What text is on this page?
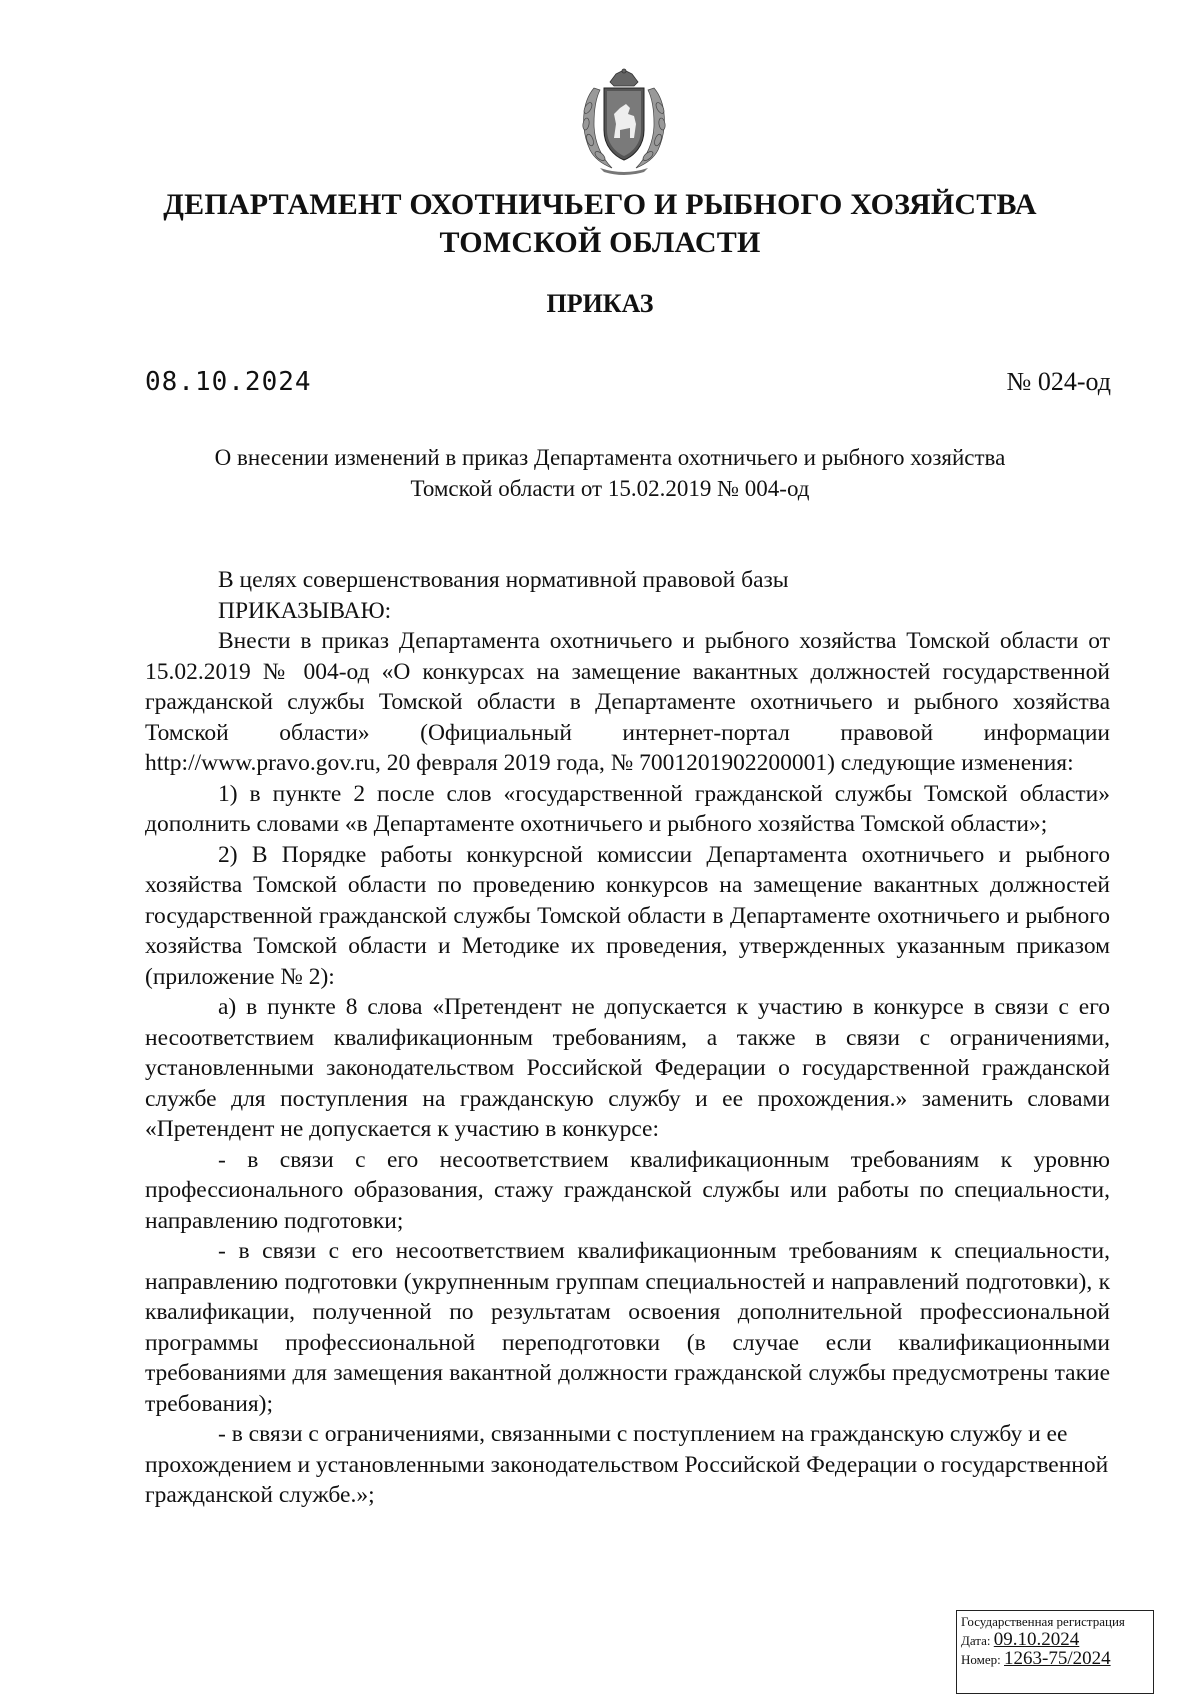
ДЕПАРТАМЕНТ ОХОТНИЧЬЕГО И РЫБНОГО ХОЗЯЙСТВА
ТОМСКОЙ ОБЛАСТИ
ПРИКАЗ
08.10.2024	№ 024-од
О внесении изменений в приказ Департамента охотничьего и рыбного хозяйства
Томской области от 15.02.2019 № 004-од

В целях совершенствования нормативной правовой базы

ПРИКАЗЫВАЮ:

Внести в приказ Департамента охотничьего и рыбного хозяйства Томской области от 15.02.2019 № 004-од «О конкурсах на замещение вакантных должностей государственной гражданской службы Томской области в Департаменте охотничьего и рыбного хозяйства Томской области» (Официальный интернет-портал правовой информации http://www.pravo.gov.ru, 20 февраля 2019 года, № 7001201902200001) следующие изменения:

1) в пункте 2 после слов «государственной гражданской службы Томской области» дополнить словами «в Департаменте охотничьего и рыбного хозяйства Томской области»;

2) В Порядке работы конкурсной комиссии Департамента охотничьего и рыбного хозяйства Томской области по проведению конкурсов на замещение вакантных должностей государственной гражданской службы Томской области в Департаменте охотничьего и рыбного хозяйства Томской области и Методике их проведения, утвержденных указанным приказом (приложение № 2):

а) в пункте 8 слова «Претендент не допускается к участию в конкурсе в связи с его несоответствием квалификационным требованиям, а также в связи с ограничениями, установленными законодательством Российской Федерации о государственной гражданской службе для поступления на гражданскую службу и ее прохождения.» заменить словами «Претендент не допускается к участию в конкурсе:

- в связи с его несоответствием квалификационным требованиям к уровню профессионального образования, стажу гражданской службы или работы по специальности, направлению подготовки;

- в связи с его несоответствием квалификационным требованиям к специальности, направлению подготовки (укрупненным группам специальностей и направлений подготовки), к квалификации, полученной по результатам освоения дополнительной профессиональной программы профессиональной переподготовки (в случае если квалификационными требованиями для замещения вакантной должности гражданской службы предусмотрены такие требования);

- в связи с ограничениями, связанными с поступлением на гражданскую службу и ее прохождением и установленными законодательством Российской Федерации о государственной гражданской службе.»;

Государственная регистрация
Дата: 09.10.2024
Номер: 1263-75/2024
